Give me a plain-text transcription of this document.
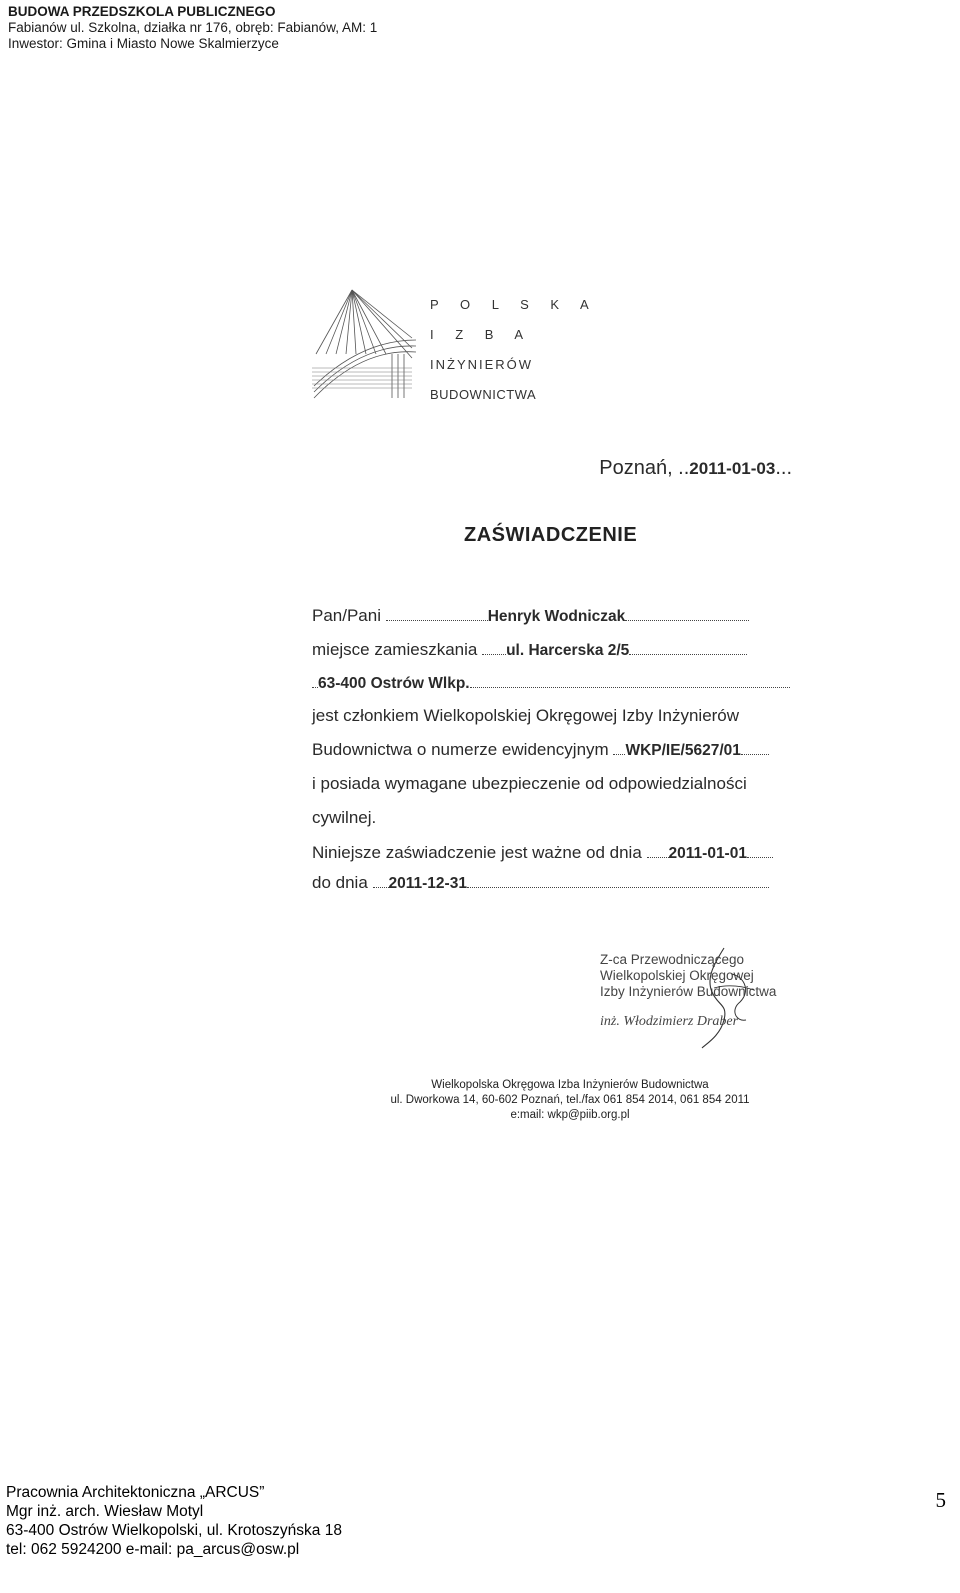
BUDOWA PRZEDSZKOLA PUBLICZNEGO
Fabianów ul. Szkolna, działka nr 176, obręb: Fabianów, AM: 1
Inwestor: Gmina i Miasto Nowe Skalmierzyce
P O L S K A
I Z B A
INŻYNIERÓW
BUDOWNICTWA
Poznań, ..2011-01-03...
ZAŚWIADCZENIE
Pan/Pani	Henryk Wodniczak
miejsce zamieszkania ul. Harcerska 2/5
63-400 Ostrów Wlkp.
jest członkiem Wielkopolskiej Okręgowej Izby Inżynierów
Budownictwa o numerze ewidencyjnym WKP/IE/5627/01
i posiada wymagane ubezpieczenie od odpowiedzialności
cywilnej.
Niniejsze zaświadczenie jest ważne od dnia 2011-01-01
do dnia 2011-12-31
Z-ca Przewodniczącego
Wielkopolskiej Okręgowej
Izby Inżynierów Budownictwa
inż. Włodzimierz Draber
Wielkopolska Okręgowa Izba Inżynierów Budownictwa
ul. Dworkowa 14, 60-602 Poznań, tel./fax 061 854 2014, 061 854 2011
e:mail: wkp@piib.org.pl
Pracownia Architektoniczna „ARCUS”
Mgr inż. arch. Wiesław Motyl
63-400 Ostrów Wielkopolski, ul. Krotoszyńska 18
tel: 062 5924200 e-mail: pa_arcus@osw.pl
5
